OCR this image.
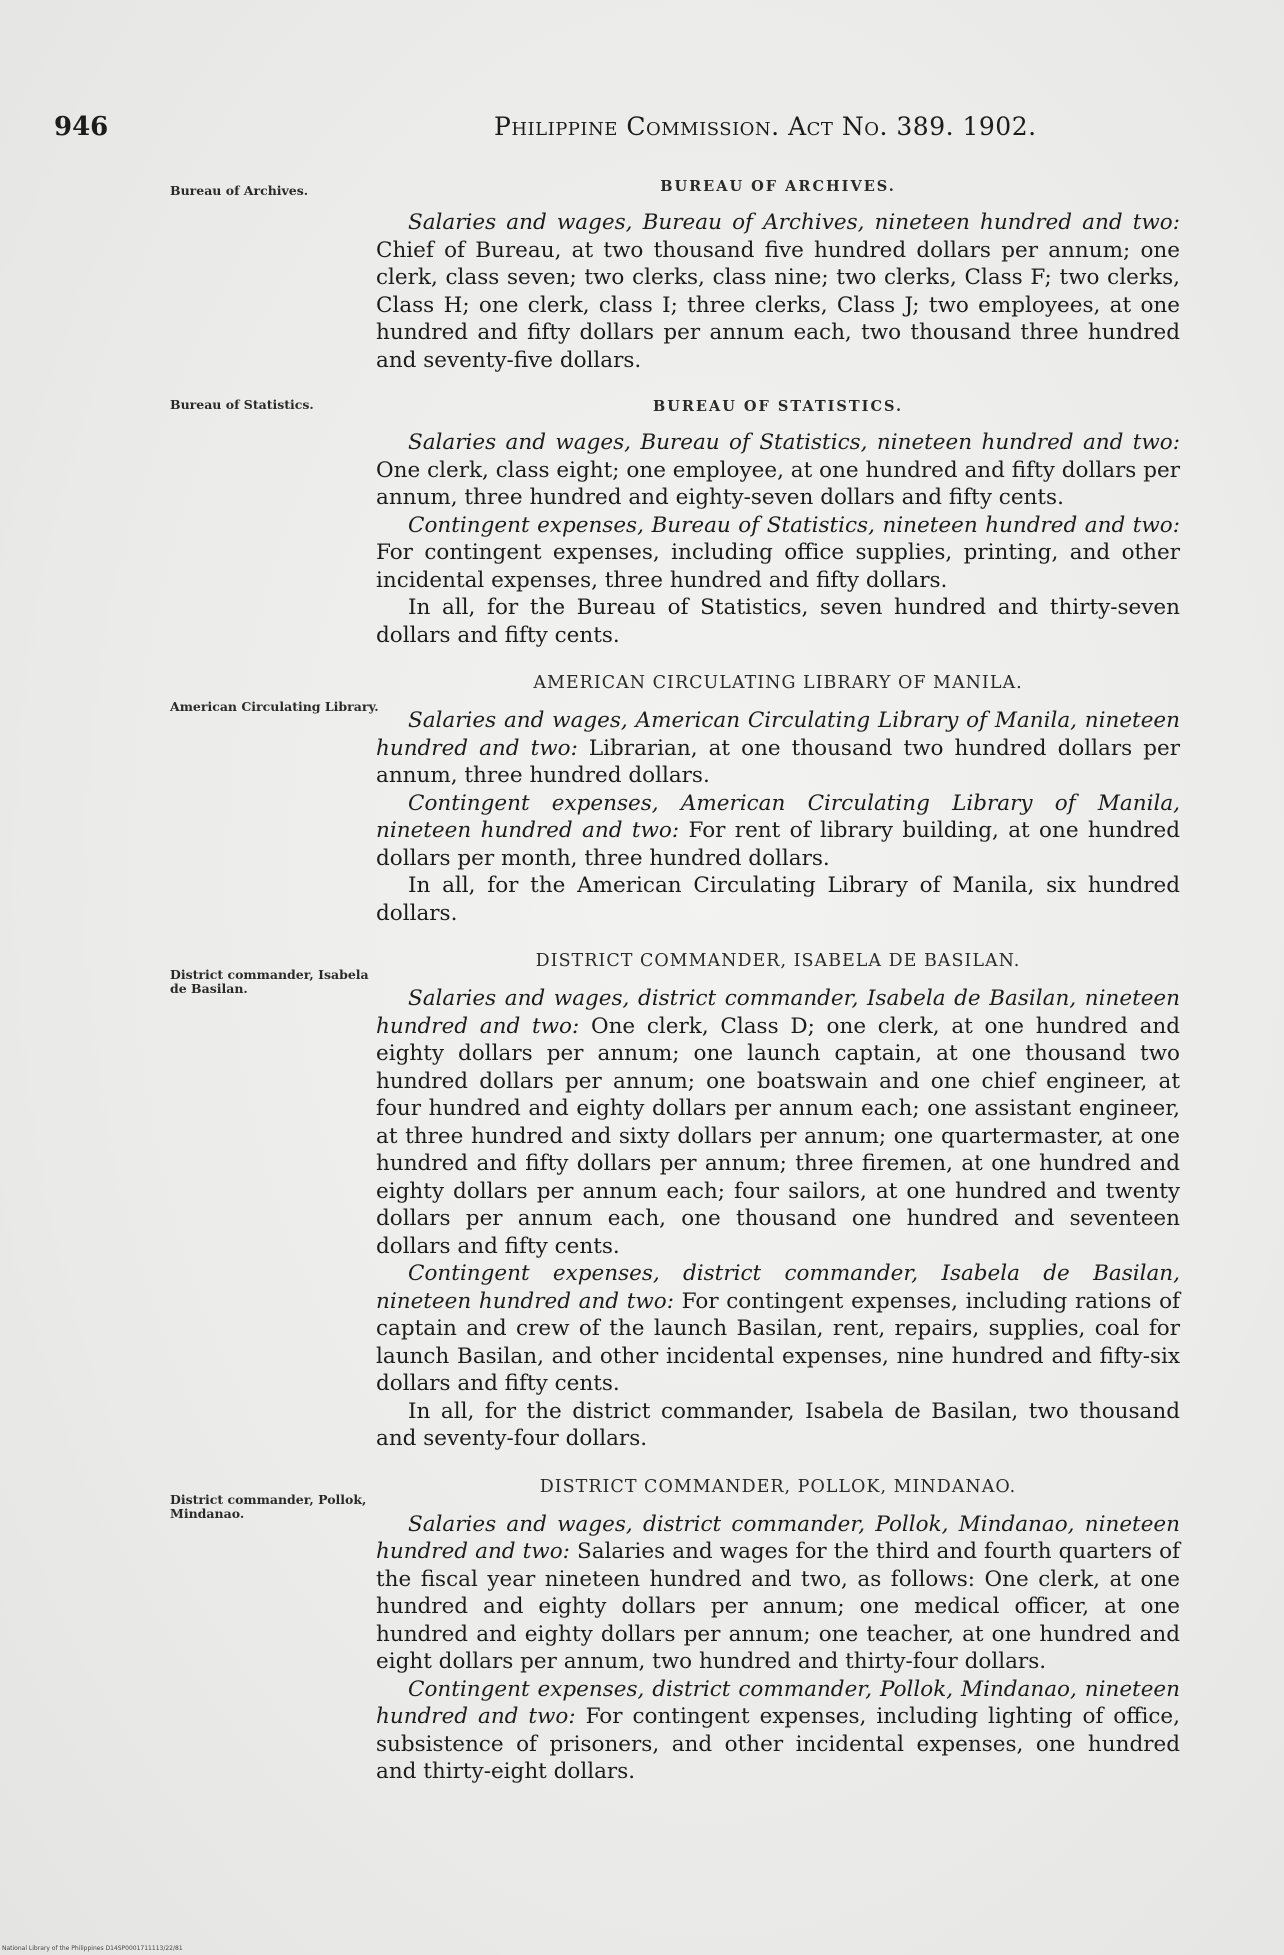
946	Philippine Commission. Act No. 389. 1902.
Bureau of Archives.
Bureau of Statistics.
American Circulating Library.
District commander, Isabela de Basilan.
District commander, Pollok, Mindanao.
BUREAU OF ARCHIVES.

Salaries and wages, Bureau of Archives, nineteen hundred and two: Chief of Bureau, at two thousand five hundred dollars per annum; one clerk, class seven; two clerks, class nine; two clerks, Class F; two clerks, Class H; one clerk, class I; three clerks, Class J; two employees, at one hundred and fifty dollars per annum each, two thousand three hundred and seventy-five dollars.

BUREAU OF STATISTICS.

Salaries and wages, Bureau of Statistics, nineteen hundred and two: One clerk, class eight; one employee, at one hundred and fifty dollars per annum, three hundred and eighty-seven dollars and fifty cents.

Contingent expenses, Bureau of Statistics, nineteen hundred and two: For contingent expenses, including office supplies, printing, and other incidental expenses, three hundred and fifty dollars.

In all, for the Bureau of Statistics, seven hundred and thirty-seven dollars and fifty cents.

AMERICAN CIRCULATING LIBRARY OF MANILA.

Salaries and wages, American Circulating Library of Manila, nineteen hundred and two: Librarian, at one thousand two hundred dollars per annum, three hundred dollars.

Contingent expenses, American Circulating Library of Manila, nineteen hundred and two: For rent of library building, at one hundred dollars per month, three hundred dollars.

In all, for the American Circulating Library of Manila, six hundred dollars.

DISTRICT COMMANDER, ISABELA DE BASILAN.

Salaries and wages, district commander, Isabela de Basilan, nineteen hundred and two: One clerk, Class D; one clerk, at one hundred and eighty dollars per annum; one launch captain, at one thousand two hundred dollars per annum; one boatswain and one chief engineer, at four hundred and eighty dollars per annum each; one assistant engineer, at three hundred and sixty dollars per annum; one quartermaster, at one hundred and fifty dollars per annum; three firemen, at one hundred and eighty dollars per annum each; four sailors, at one hundred and twenty dollars per annum each, one thousand one hundred and seventeen dollars and fifty cents.

Contingent expenses, district commander, Isabela de Basilan, nineteen hundred and two: For contingent expenses, including rations of captain and crew of the launch Basilan, rent, repairs, supplies, coal for launch Basilan, and other incidental expenses, nine hundred and fifty-six dollars and fifty cents.

In all, for the district commander, Isabela de Basilan, two thousand and seventy-four dollars.

DISTRICT COMMANDER, POLLOK, MINDANAO.

Salaries and wages, district commander, Pollok, Mindanao, nineteen hundred and two: Salaries and wages for the third and fourth quarters of the fiscal year nineteen hundred and two, as follows: One clerk, at one hundred and eighty dollars per annum; one medical officer, at one hundred and eighty dollars per annum; one teacher, at one hundred and eight dollars per annum, two hundred and thirty-four dollars.

Contingent expenses, district commander, Pollok, Mindanao, nineteen hundred and two: For contingent expenses, including lighting of office, subsistence of prisoners, and other incidental expenses, one hundred and thirty-eight dollars.

National Library of the Philippines D14SP0001711113/22/81
